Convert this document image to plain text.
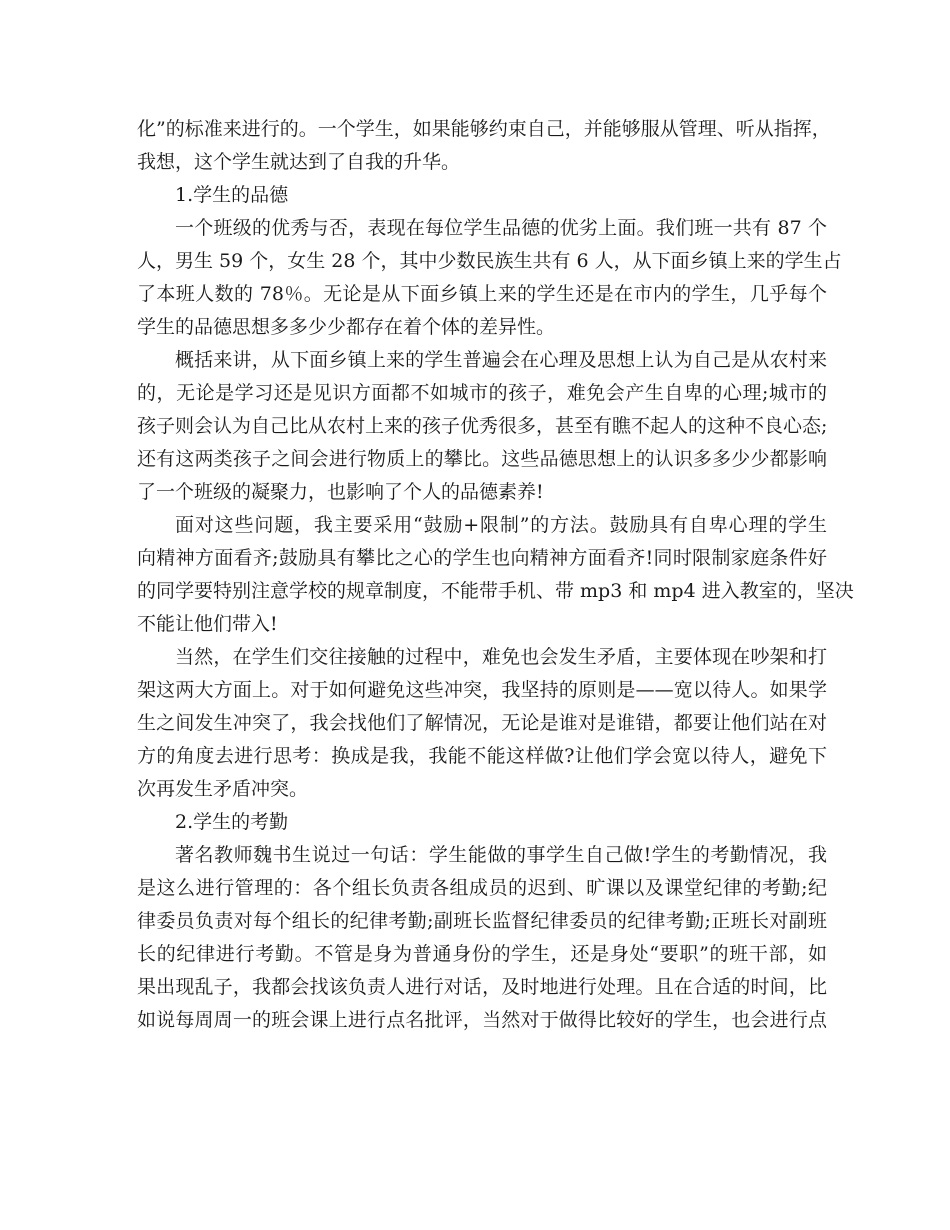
化”的标准来进行的。一个学生，如果能够约束自己，并能够服从管理、听从指挥，
我想，这个学生就达到了自我的升华。
1.学生的品德
一个班级的优秀与否，表现在每位学生品德的优劣上面。我们班一共有 87 个
人，男生 59 个，女生 28 个，其中少数民族生共有 6 人，从下面乡镇上来的学生占
了本班人数的 78％。无论是从下面乡镇上来的学生还是在市内的学生，几乎每个
学生的品德思想多多少少都存在着个体的差异性。
概括来讲，从下面乡镇上来的学生普遍会在心理及思想上认为自己是从农村来
的，无论是学习还是见识方面都不如城市的孩子，难免会产生自卑的心理;城市的
孩子则会认为自己比从农村上来的孩子优秀很多，甚至有瞧不起人的这种不良心态;
还有这两类孩子之间会进行物质上的攀比。这些品德思想上的认识多多少少都影响
了一个班级的凝聚力，也影响了个人的品德素养!
面对这些问题，我主要采用“鼓励+限制”的方法。鼓励具有自卑心理的学生
向精神方面看齐;鼓励具有攀比之心的学生也向精神方面看齐!同时限制家庭条件好
的同学要特别注意学校的规章制度，不能带手机、带 mp3 和 mp4 进入教室的，坚决
不能让他们带入!
当然，在学生们交往接触的过程中，难免也会发生矛盾，主要体现在吵架和打
架这两大方面上。对于如何避免这些冲突，我坚持的原则是——宽以待人。如果学
生之间发生冲突了，我会找他们了解情况，无论是谁对是谁错，都要让他们站在对
方的角度去进行思考：换成是我，我能不能这样做?让他们学会宽以待人，避免下
次再发生矛盾冲突。
2.学生的考勤
著名教师魏书生说过一句话：学生能做的事学生自己做!学生的考勤情况，我
是这么进行管理的：各个组长负责各组成员的迟到、旷课以及课堂纪律的考勤;纪
律委员负责对每个组长的纪律考勤;副班长监督纪律委员的纪律考勤;正班长对副班
长的纪律进行考勤。不管是身为普通身份的学生，还是身处“要职”的班干部，如
果出现乱子，我都会找该负责人进行对话，及时地进行处理。且在合适的时间，比
如说每周周一的班会课上进行点名批评，当然对于做得比较好的学生，也会进行点
